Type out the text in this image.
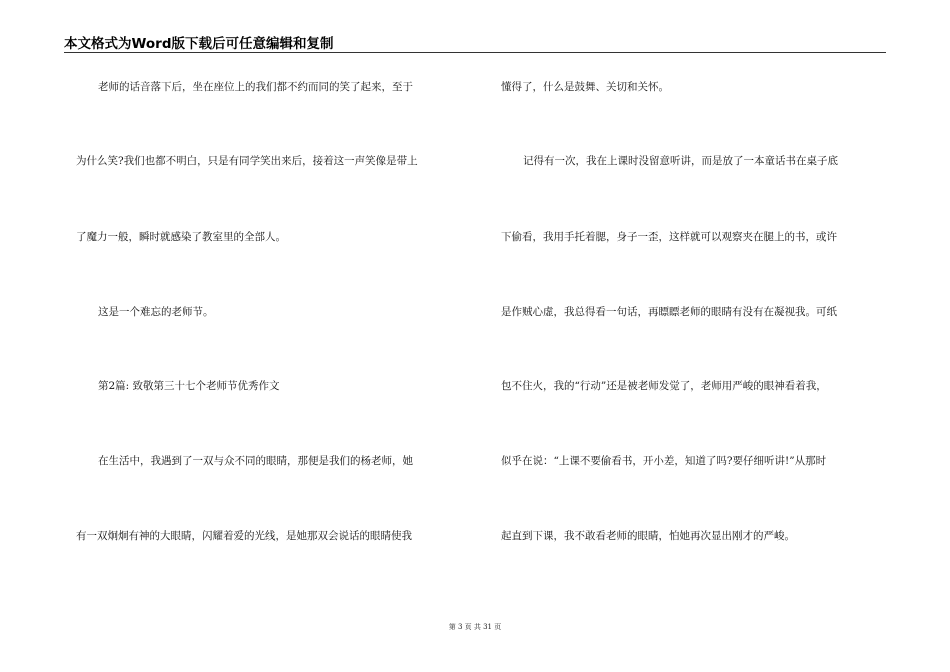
本文格式为Word版下载后可任意编辑和复制
老师的话音落下后，坐在座位上的我们都不约而同的笑了起来，至于
为什么笑?我们也都不明白，只是有同学笑出来后，接着这一声笑像是带上
了魔力一般，瞬时就感染了教室里的全部人。
这是一个难忘的老师节。
第2篇: 致敬第三十七个老师节优秀作文
在生活中，我遇到了一双与众不同的眼睛，那便是我们的杨老师，她
有一双炯炯有神的大眼睛，闪耀着爱的光线，是她那双会说话的眼睛使我
懂得了，什么是鼓舞、关切和关怀。
记得有一次，我在上课时没留意听讲，而是放了一本童话书在桌子底
下偷看，我用手托着腮，身子一歪，这样就可以观察夹在腿上的书，或许
是作贼心虚，我总得看一句话，再瞟瞟老师的眼睛有没有在凝视我。可纸
包不住火，我的“行动”还是被老师发觉了，老师用严峻的眼神看着我，
似乎在说：“上课不要偷看书，开小差，知道了吗?要仔细听讲!”从那时
起直到下课，我不敢看老师的眼睛，怕她再次显出刚才的严峻。
第 3 页 共 31 页
